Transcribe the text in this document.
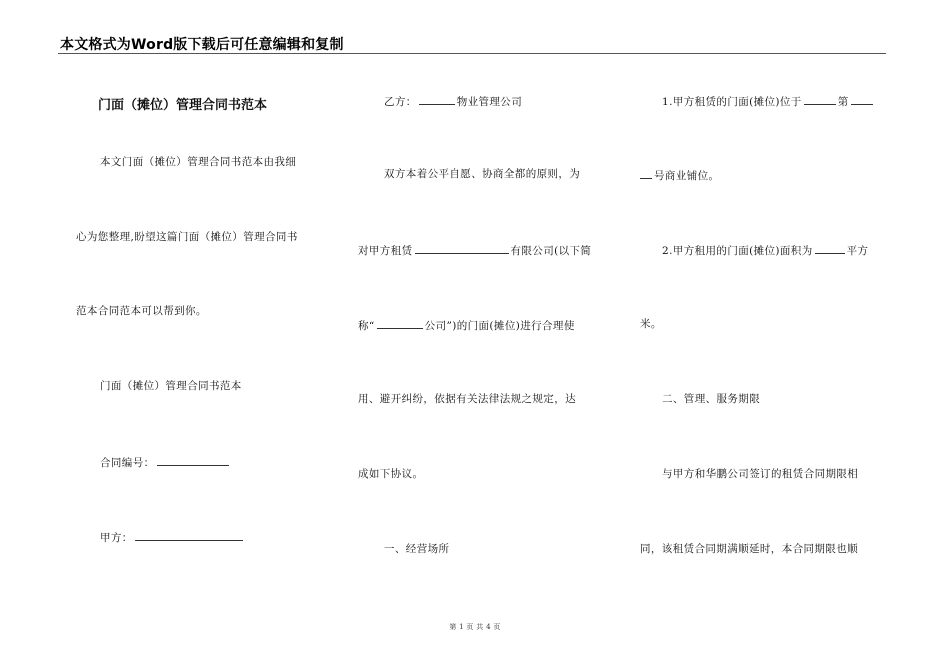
本文格式为Word版下载后可任意编辑和复制
门面（摊位）管理合同书范本
本文门面（摊位）管理合同书范本由我细
心为您整理,盼望这篇门面（摊位）管理合同书
范本合同范本可以帮到你。
门面（摊位）管理合同书范本
合同编号：
甲方：
乙方：	物业管理公司
双方本着公平自愿、协商全都的原则，为
对甲方租赁	有限公司(以下简
称“	公司”)的门面(摊位)进行合理使
用、避开纠纷，依据有关法律法规之规定，达
成如下协议。
一、经营场所
1.甲方租赁的门面(摊位)位于	第
号商业铺位。
2.甲方租用的门面(摊位)面积为	平方
米。
二、管理、服务期限
与甲方和华鹏公司签订的租赁合同期限相
同，该租赁合同期满顺延时，本合同期限也顺
第 1 页 共 4 页
